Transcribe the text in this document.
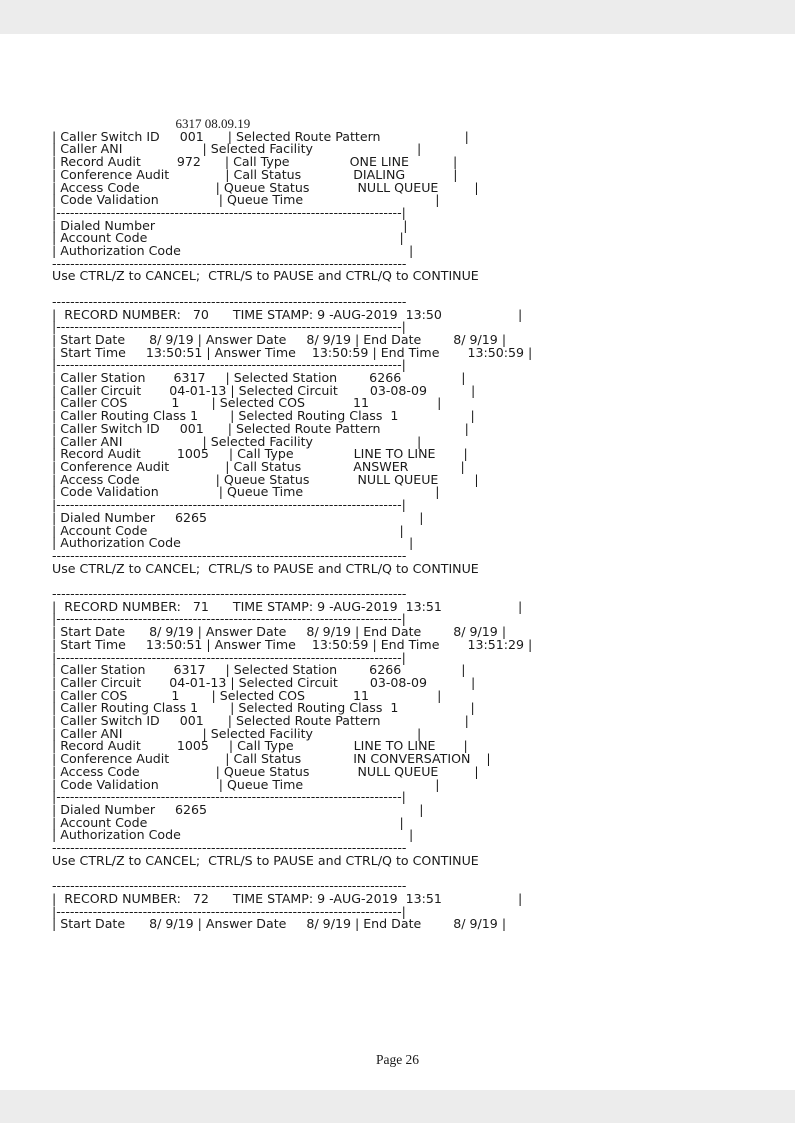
6317 08.09.19
| Caller Switch ID     001      | Selected Route Pattern                     |
| Caller ANI                    | Selected Facility                          |
| Record Audit         972      | Call Type               ONE LINE           |
| Conference Audit              | Call Status             DIALING            |
| Access Code                   | Queue Status            NULL QUEUE         |
| Code Validation               | Queue Time                                 |
|----------------------------------------------------------------------------|
| Dialed Number                                                              |
| Account Code                                                               |
| Authorization Code                                                         |
------------------------------------------------------------------------------
Use CTRL/Z to CANCEL;  CTRL/S to PAUSE and CTRL/Q to CONTINUE

------------------------------------------------------------------------------
|  RECORD NUMBER:   70      TIME STAMP: 9 -AUG-2019  13:50                   |
|----------------------------------------------------------------------------|
| Start Date      8/ 9/19 | Answer Date     8/ 9/19 | End Date        8/ 9/19 |
| Start Time     13:50:51 | Answer Time    13:50:59 | End Time       13:50:59 |
|----------------------------------------------------------------------------|
| Caller Station       6317     | Selected Station        6266               |
| Caller Circuit       04-01-13 | Selected Circuit        03-08-09           |
| Caller COS           1        | Selected COS            11                 |
| Caller Routing Class 1        | Selected Routing Class  1                  |
| Caller Switch ID     001      | Selected Route Pattern                     |
| Caller ANI                    | Selected Facility                          |
| Record Audit         1005     | Call Type               LINE TO LINE       |
| Conference Audit              | Call Status             ANSWER             |
| Access Code                   | Queue Status            NULL QUEUE         |
| Code Validation               | Queue Time                                 |
|----------------------------------------------------------------------------|
| Dialed Number     6265                                                     |
| Account Code                                                               |
| Authorization Code                                                         |
------------------------------------------------------------------------------
Use CTRL/Z to CANCEL;  CTRL/S to PAUSE and CTRL/Q to CONTINUE

------------------------------------------------------------------------------
|  RECORD NUMBER:   71      TIME STAMP: 9 -AUG-2019  13:51                   |
|----------------------------------------------------------------------------|
| Start Date      8/ 9/19 | Answer Date     8/ 9/19 | End Date        8/ 9/19 |
| Start Time     13:50:51 | Answer Time    13:50:59 | End Time       13:51:29 |
|----------------------------------------------------------------------------|
| Caller Station       6317     | Selected Station        6266               |
| Caller Circuit       04-01-13 | Selected Circuit        03-08-09           |
| Caller COS           1        | Selected COS            11                 |
| Caller Routing Class 1        | Selected Routing Class  1                  |
| Caller Switch ID     001      | Selected Route Pattern                     |
| Caller ANI                    | Selected Facility                          |
| Record Audit         1005     | Call Type               LINE TO LINE       |
| Conference Audit              | Call Status             IN CONVERSATION    |
| Access Code                   | Queue Status            NULL QUEUE         |
| Code Validation               | Queue Time                                 |
|----------------------------------------------------------------------------|
| Dialed Number     6265                                                     |
| Account Code                                                               |
| Authorization Code                                                         |
------------------------------------------------------------------------------
Use CTRL/Z to CANCEL;  CTRL/S to PAUSE and CTRL/Q to CONTINUE

------------------------------------------------------------------------------
|  RECORD NUMBER:   72      TIME STAMP: 9 -AUG-2019  13:51                   |
|----------------------------------------------------------------------------|
| Start Date      8/ 9/19 | Answer Date     8/ 9/19 | End Date        8/ 9/19 |
Page 26
